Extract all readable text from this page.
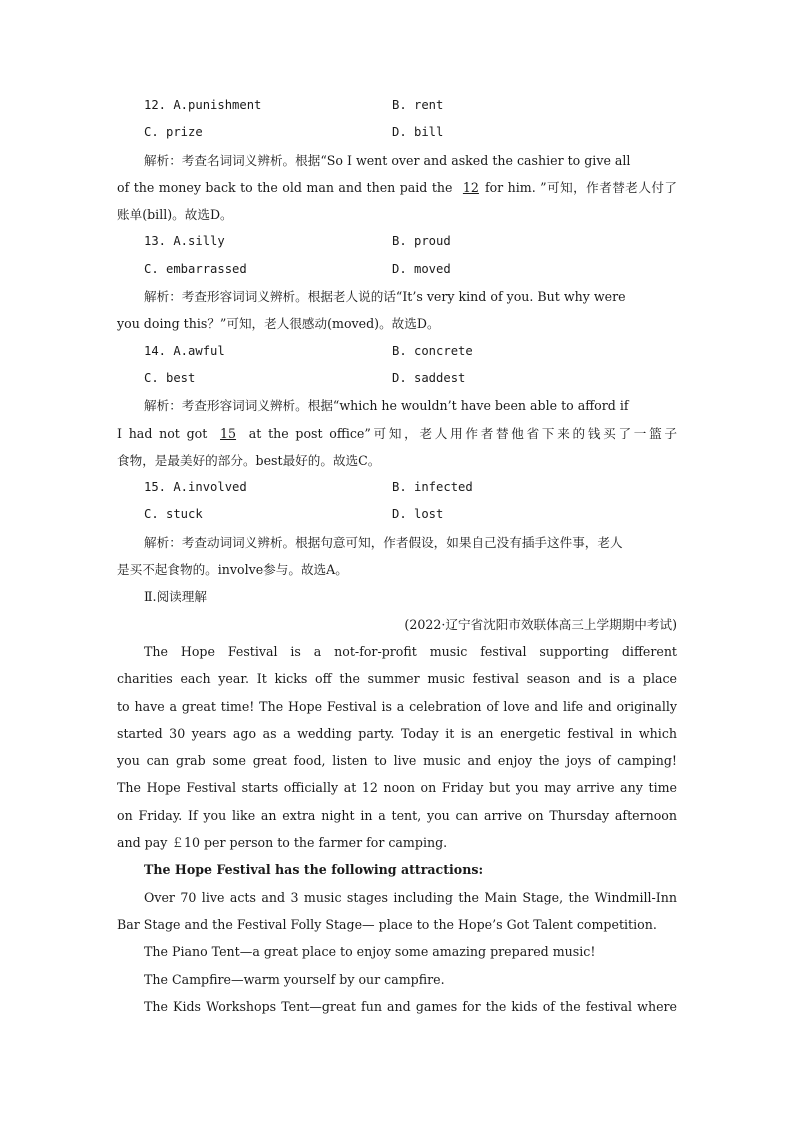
12. A.punishment	B. rent
C. prize	D. bill
解析：考查名词词义辨析。根据“So I went over and asked the cashier to give all
of the money back to the old man and then paid the 12 for him. ”可知，作者替老人付了
账单(bill)。故选D。
13. A.silly	B. proud
C. embarrassed	D. moved
解析：考查形容词词义辨析。根据老人说的话“It’s very kind of you. But why were
you doing this？”可知，老人很感动(moved)。故选D。
14. A.awful	B. concrete
C. best	D. saddest
解析：考查形容词词义辨析。根据“which he wouldn’t have been able to afford if
I had not got 15 at the post office”可知，老人用作者替他省下来的钱买了一篮子
食物，是最美好的部分。best最好的。故选C。
15. A.involved	B. infected
C. stuck	D. lost
解析：考查动词词义辨析。根据句意可知，作者假设，如果自己没有插手这件事，老人
是买不起食物的。involve参与。故选A。
Ⅱ.阅读理解
(2022·辽宁省沈阳市效联体高三上学期期中考试)
The Hope Festival is a not-for-profit music festival supporting different
charities each year. It kicks off the summer music festival season and is a place
to have a great time! The Hope Festival is a celebration of love and life and originally
started 30 years ago as a wedding party. Today it is an energetic festival in which
you can grab some great food, listen to live music and enjoy the joys of camping!
The Hope Festival starts officially at 12 noon on Friday but you may arrive any time
on Friday. If you like an extra night in a tent, you can arrive on Thursday afternoon
and pay ￡10 per person to the farmer for camping.
The Hope Festival has the following attractions:
Over 70 live acts and 3 music stages including the Main Stage, the Windmill-Inn
Bar Stage and the Festival Folly Stage— place to the Hope’s Got Talent competition.
The Piano Tent—a great place to enjoy some amazing prepared music!
The Campfire—warm yourself by our campfire.
The Kids Workshops Tent—great fun and games for the kids of the festival where
